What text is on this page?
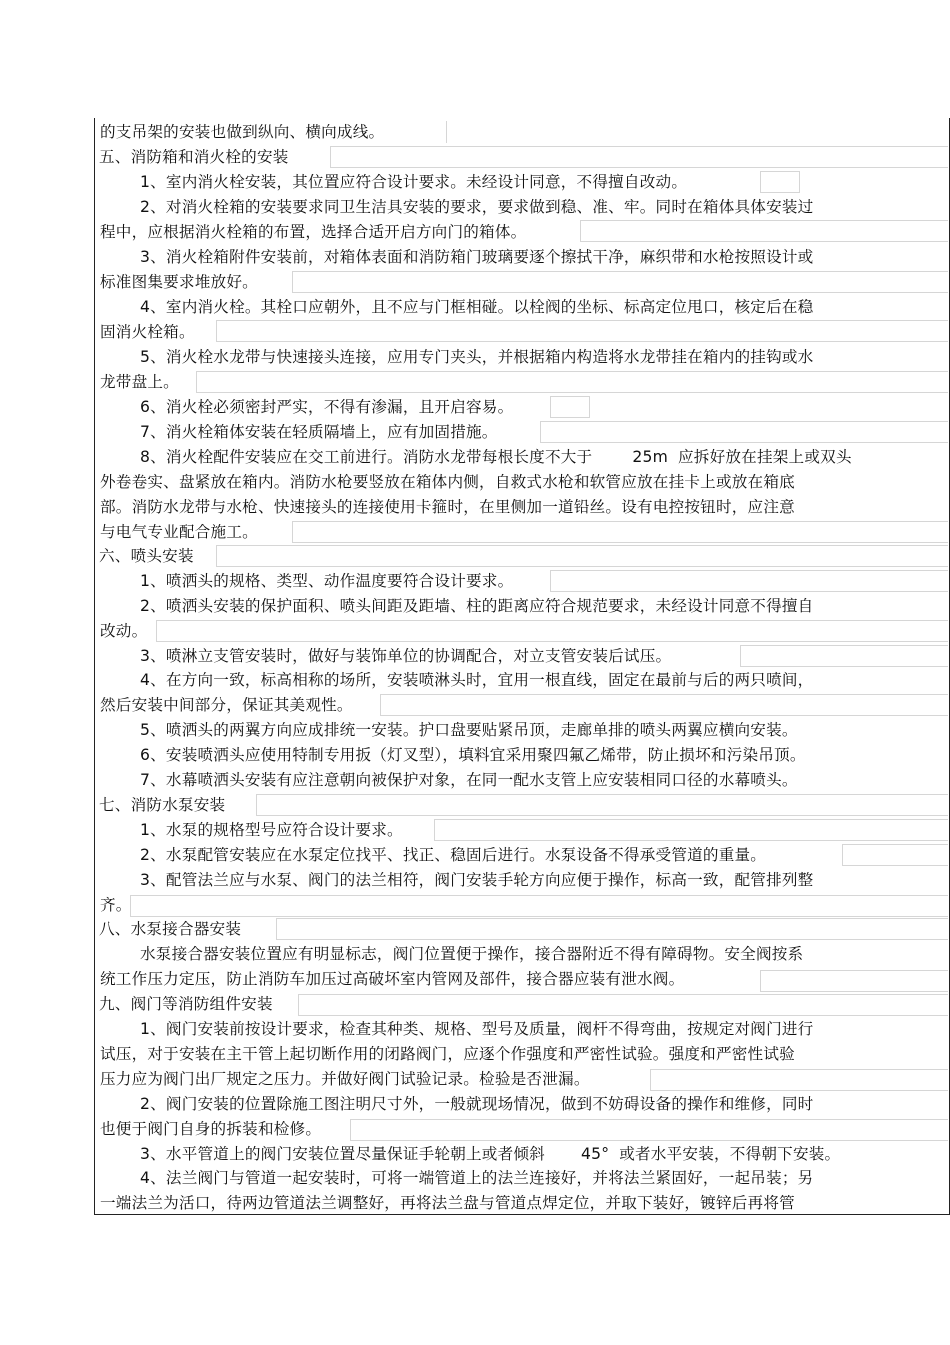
的支吊架的安装也做到纵向、横向成线。
五、消防箱和消火栓的安装
1、室内消火栓安装，其位置应符合设计要求。未经设计同意，不得擅自改动。
2、对消火栓箱的安装要求同卫生洁具安装的要求，要求做到稳、准、牢。同时在箱体具体安装过
程中，应根据消火栓箱的布置，选择合适开启方向门的箱体。
3、消火栓箱附件安装前，对箱体表面和消防箱门玻璃要逐个擦拭干净，麻织带和水枪按照设计或
标准图集要求堆放好。
4、室内消火栓。其栓口应朝外，且不应与门框相碰。以栓阀的坐标、标高定位甩口，核定后在稳
固消火栓箱。
5、消火栓水龙带与快速接头连接，应用专门夹头，并根据箱内构造将水龙带挂在箱内的挂钩或水
龙带盘上。
6、消火栓必须密封严实，不得有渗漏，且开启容易。
7、消火栓箱体安装在轻质隔墙上，应有加固措施。
8、消火栓配件安装应在交工前进行。消防水龙带每根长度不大于	25m 应拆好放在挂架上或双头
外卷卷实、盘紧放在箱内。消防水枪要竖放在箱体内侧，自救式水枪和软管应放在挂卡上或放在箱底
部。消防水龙带与水枪、快速接头的连接使用卡箍时，在里侧加一道铅丝。设有电控按钮时，应注意
与电气专业配合施工。
六、喷头安装
1、喷洒头的规格、类型、动作温度要符合设计要求。
2、喷洒头安装的保护面积、喷头间距及距墙、柱的距离应符合规范要求，未经设计同意不得擅自
改动。
3、喷淋立支管安装时，做好与装饰单位的协调配合，对立支管安装后试压。
4、在方向一致，标高相称的场所，安装喷淋头时，宜用一根直线，固定在最前与后的两只喷间，
然后安装中间部分，保证其美观性。
5、喷洒头的两翼方向应成排统一安装。护口盘要贴紧吊顶，走廊单排的喷头两翼应横向安装。
6、安装喷洒头应使用特制专用扳（灯叉型），填料宜采用聚四氟乙烯带，防止损坏和污染吊顶。
7、水幕喷洒头安装有应注意朝向被保护对象，在同一配水支管上应安装相同口径的水幕喷头。
七、消防水泵安装
1、水泵的规格型号应符合设计要求。
2、水泵配管安装应在水泵定位找平、找正、稳固后进行。水泵设备不得承受管道的重量。
3、配管法兰应与水泵、阀门的法兰相符，阀门安装手轮方向应便于操作，标高一致，配管排列整
齐。
八、水泵接合器安装
水泵接合器安装位置应有明显标志，阀门位置便于操作，接合器附近不得有障碍物。安全阀按系
统工作压力定压，防止消防车加压过高破坏室内管网及部件，接合器应装有泄水阀。
九、阀门等消防组件安装
1、阀门安装前按设计要求，检查其种类、规格、型号及质量，阀杆不得弯曲，按规定对阀门进行
试压，对于安装在主干管上起切断作用的闭路阀门，应逐个作强度和严密性试验。强度和严密性试验
压力应为阀门出厂规定之压力。并做好阀门试验记录。检验是否泄漏。
2、阀门安装的位置除施工图注明尺寸外，一般就现场情况，做到不妨碍设备的操作和维修，同时
也便于阀门自身的拆装和检修。
3、水平管道上的阀门安装位置尽量保证手轮朝上或者倾斜 45° 或者水平安装，不得朝下安装。
4、法兰阀门与管道一起安装时，可将一端管道上的法兰连接好，并将法兰紧固好，一起吊装；另
一端法兰为活口，待两边管道法兰调整好，再将法兰盘与管道点焊定位，并取下装好，镀锌后再将管
